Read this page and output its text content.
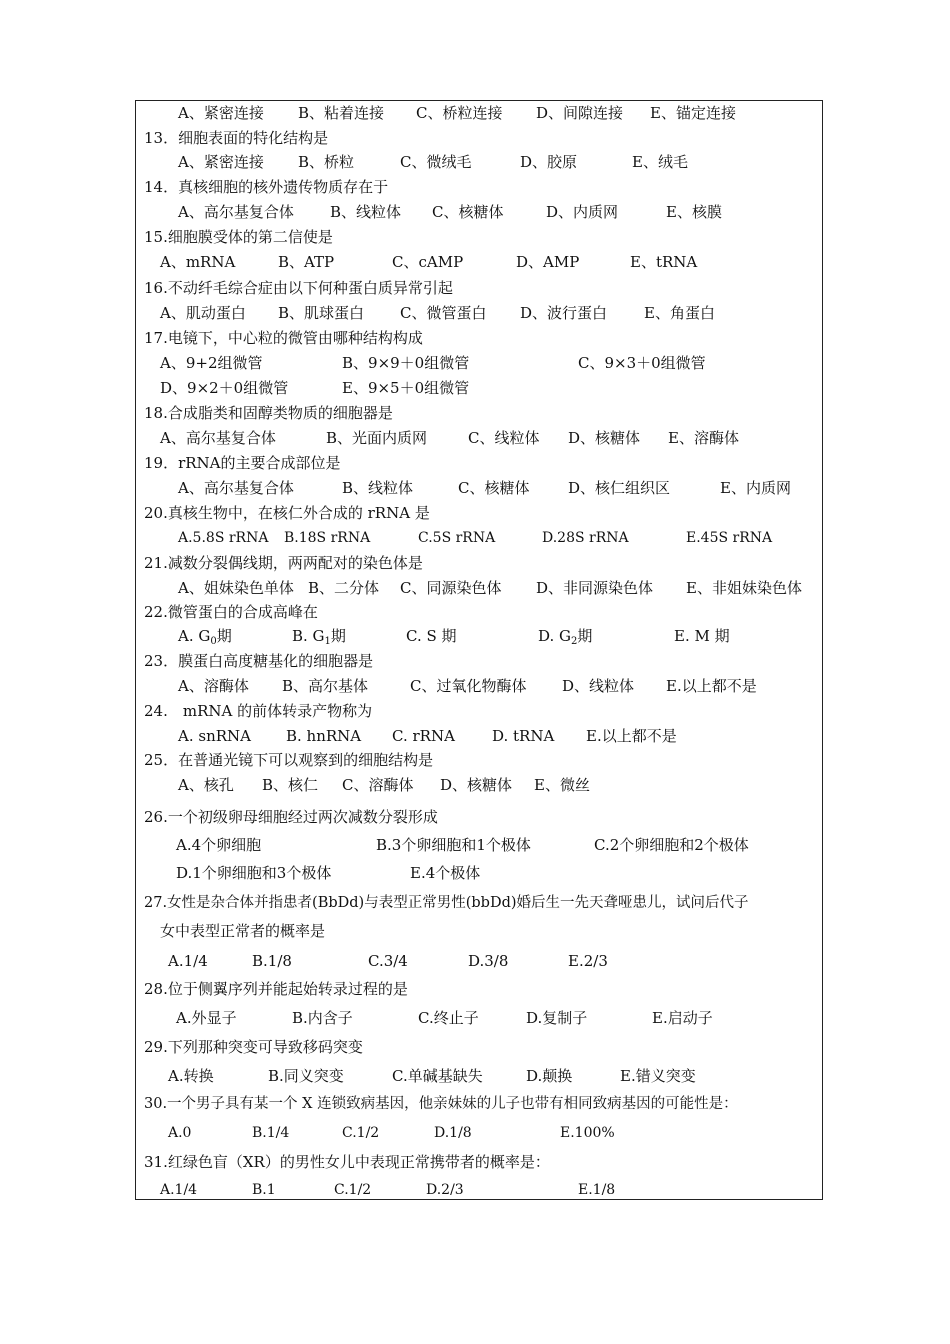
A、紧密连接 B、粘着连接 C、桥粒连接 D、间隙连接 E、锚定连接
13．细胞表面的特化结构是
A、紧密连接 B、桥粒	C、微绒毛	D、胶原	E、绒毛
14．真核细胞的核外遗传物质存在于
A、高尔基复合体 B、线粒体 C、核糖体	D、内质网	E、核膜
15.细胞膜受体的第二信使是
A、mRNA	B、ATP	C、cAMP	D、AMP	E、tRNA
16.不动纤毛综合症由以下何种蛋白质异常引起
A、肌动蛋白 B、肌球蛋白 C、微管蛋白 D、波行蛋白 E、角蛋白
17.电镜下，中心粒的微管由哪种结构构成
A、9+2组微管	B、9×9＋0组微管	C、9×3＋0组微管
D、9×2＋0组微管	E、9×5＋0组微管
18.合成脂类和固醇类物质的细胞器是
A、高尔基复合体	B、光面内质网	C、线粒体 D、核糖体 E、溶酶体
19．rRNA的主要合成部位是
A、高尔基复合体	B、线粒体	C、核糖体	D、核仁组织区	E、内质网
20.真核生物中，在核仁外合成的 rRNA 是
A.5.8S rRNA B.18S rRNA	C.5S rRNA	D.28S rRNA	E.45S rRNA
21.减数分裂偶线期，两两配对的染色体是
A、姐妹染色单体 B、二分体 C、同源染色体 D、非同源染色体 E、非姐妹染色体
22.微管蛋白的合成高峰在
A. $G_0$期	B. $G_1$期	C. S 期	D. $G_2$期	E. M 期
23．膜蛋白高度糖基化的细胞器是
A、溶酶体 B、高尔基体	C、过氧化物酶体 D、线粒体 E.以上都不是
24.　mRNA 的前体转录产物称为
A. snRNA B. hnRNA C. rRNA D. tRNA E.以上都不是
25．在普通光镜下可以观察到的细胞结构是
A、核孔 B、核仁 C、溶酶体 D、核糖体 E、微丝
26.一个初级卵母细胞经过两次减数分裂形成
A.4个卵细胞	B.3个卵细胞和1个极体	C.2个卵细胞和2个极体
D.1个卵细胞和3个极体	E.4个极体
27.女性是杂合体并指患者(BbDd)与表型正常男性(bbDd)婚后生一先天聋哑患儿，试问后代子
女中表型正常者的概率是
A.1/4	B.1/8	C.3/4	D.3/8	E.2/3
28.位于侧翼序列并能起始转录过程的是
A.外显子	B.内含子	C.终止子	D.复制子	E.启动子
29.下列那种突变可导致移码突变
A.转换	B.同义突变	C.单碱基缺失	D.颠换	E.错义突变
30.一个男子具有某一个 X 连锁致病基因，他亲妹妹的儿子也带有相同致病基因的可能性是：
A.0	B.1/4	C.1/2	D.1/8	E.100%
31.红绿色盲（XR）的男性女儿中表现正常携带者的概率是：
A.1/4	B.1	C.1/2	D.2/3	E.1/8
